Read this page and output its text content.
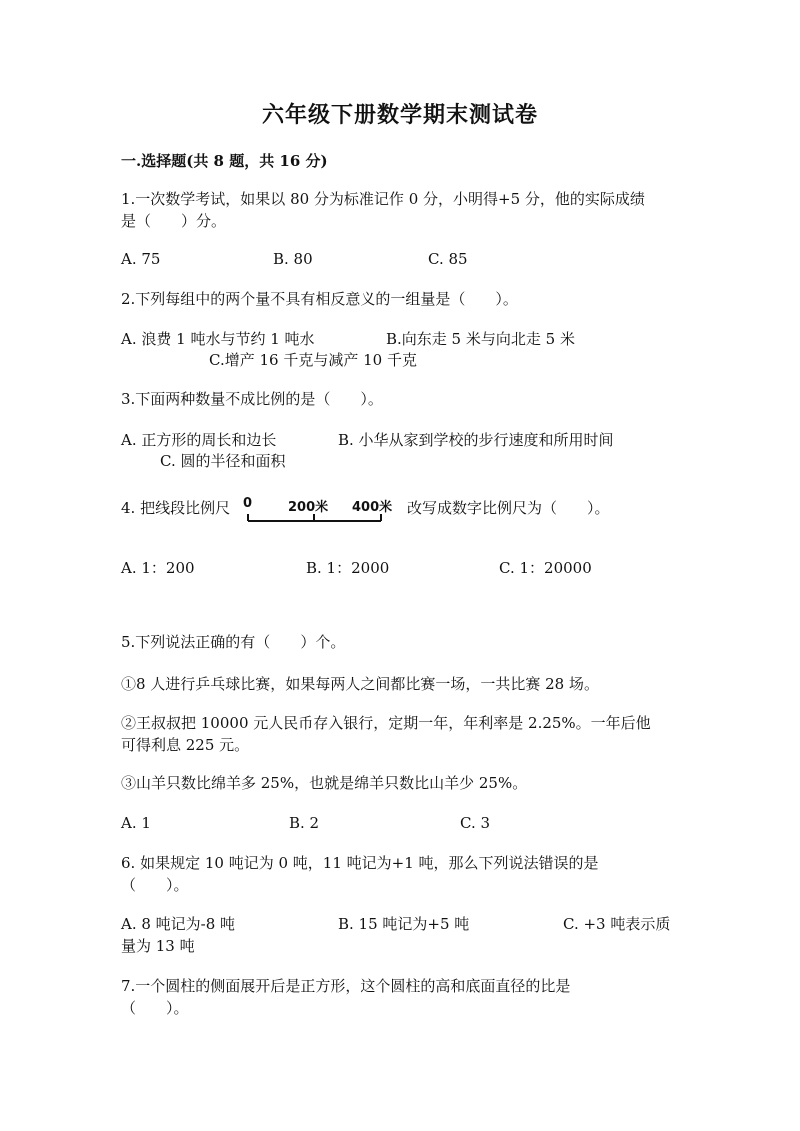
六年级下册数学期末测试卷
一.选择题(共 8 题，共 16 分)
1.一次数学考试，如果以 80 分为标准记作 0 分，小明得+5 分，他的实际成绩
是（　　）分。
A. 75	B. 80	C. 85
2.下列每组中的两个量不具有相反意义的一组量是（　　）。
A. 浪费 1 吨水与节约 1 吨水	B.向东走 5 米与向北走 5 米
C.增产 16 千克与减产 10 千克
3.下面两种数量不成比例的是（　　）。
A. 正方形的周长和边长	B. 小华从家到学校的步行速度和所用时间
C. 圆的半径和面积
4. 把线段比例尺 0	200米 400米 改写成数字比例尺为（　　）。
A. 1：200	B. 1：2000	C. 1：20000
5.下列说法正确的有（　　）个。
①8 人进行乒乓球比赛，如果每两人之间都比赛一场，一共比赛 28 场。
②王叔叔把 10000 元人民币存入银行，定期一年，年利率是 2.25%。一年后他
可得利息 225 元。
③山羊只数比绵羊多 25%，也就是绵羊只数比山羊少 25%。
A. 1	B. 2	C. 3
6. 如果规定 10 吨记为 0 吨，11 吨记为+1 吨，那么下列说法错误的是
（　　）。
A. 8 吨记为-8 吨	B. 15 吨记为+5 吨	C. +3 吨表示质
量为 13 吨
7.一个圆柱的侧面展开后是正方形，这个圆柱的高和底面直径的比是
（　　）。
